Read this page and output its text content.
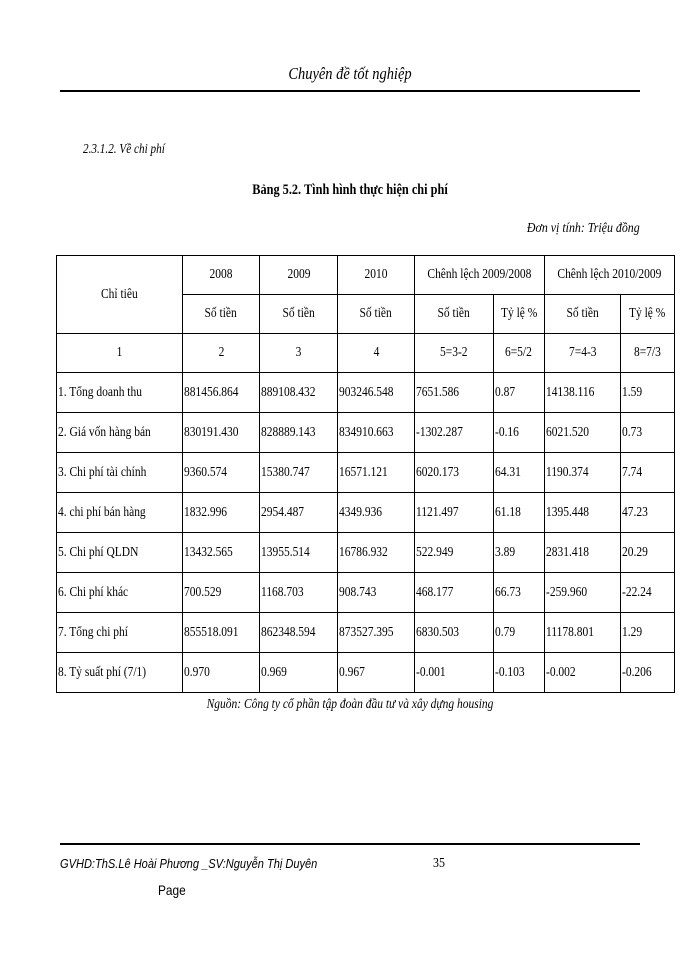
Chuyên đề tốt nghiệp
2.3.1.2. Về chi phí
Bảng 5.2. Tình hình thực hiện chi phí
Đơn vị tính: Triệu đồng
Chỉ tiêu	2008	2009	2010	Chênh lệch 2009/2008		Chênh lệch 2010/2009	
	Số tiền	Số tiền	Số tiền	Số tiền	Tỷ lệ %	Số tiền	Tỷ lệ %
1	2	3	4	5=3-2	6=5/2	7=4-3	8=7/3
1. Tổng doanh thu	881456.864	889108.432	903246.548	7651.586	0.87	14138.116	1.59
2. Giá vốn hàng bán	830191.430	828889.143	834910.663	-1302.287	-0.16	6021.520	0.73
3. Chi phí tài chính	9360.574	15380.747	16571.121	6020.173	64.31	1190.374	7.74
4. chi phí bán hàng	1832.996	2954.487	4349.936	1121.497	61.18	1395.448	47.23
5. Chi phí QLDN	13432.565	13955.514	16786.932	522.949	3.89	2831.418	20.29
6. Chi phí khác	700.529	1168.703	908.743	468.177	66.73	-259.960	-22.24
7. Tổng chi phí	855518.091	862348.594	873527.395	6830.503	0.79	11178.801	1.29
8. Tỷ suất phí (7/1)	0.970	0.969	0.967	-0.001	-0.103	-0.002	-0.206
Nguồn: Công ty cổ phần tập đoàn đầu tư và xây dựng housing
GVHD:ThS.Lê Hoài Phương _SV:Nguyễn Thị Duyên	35
Page
